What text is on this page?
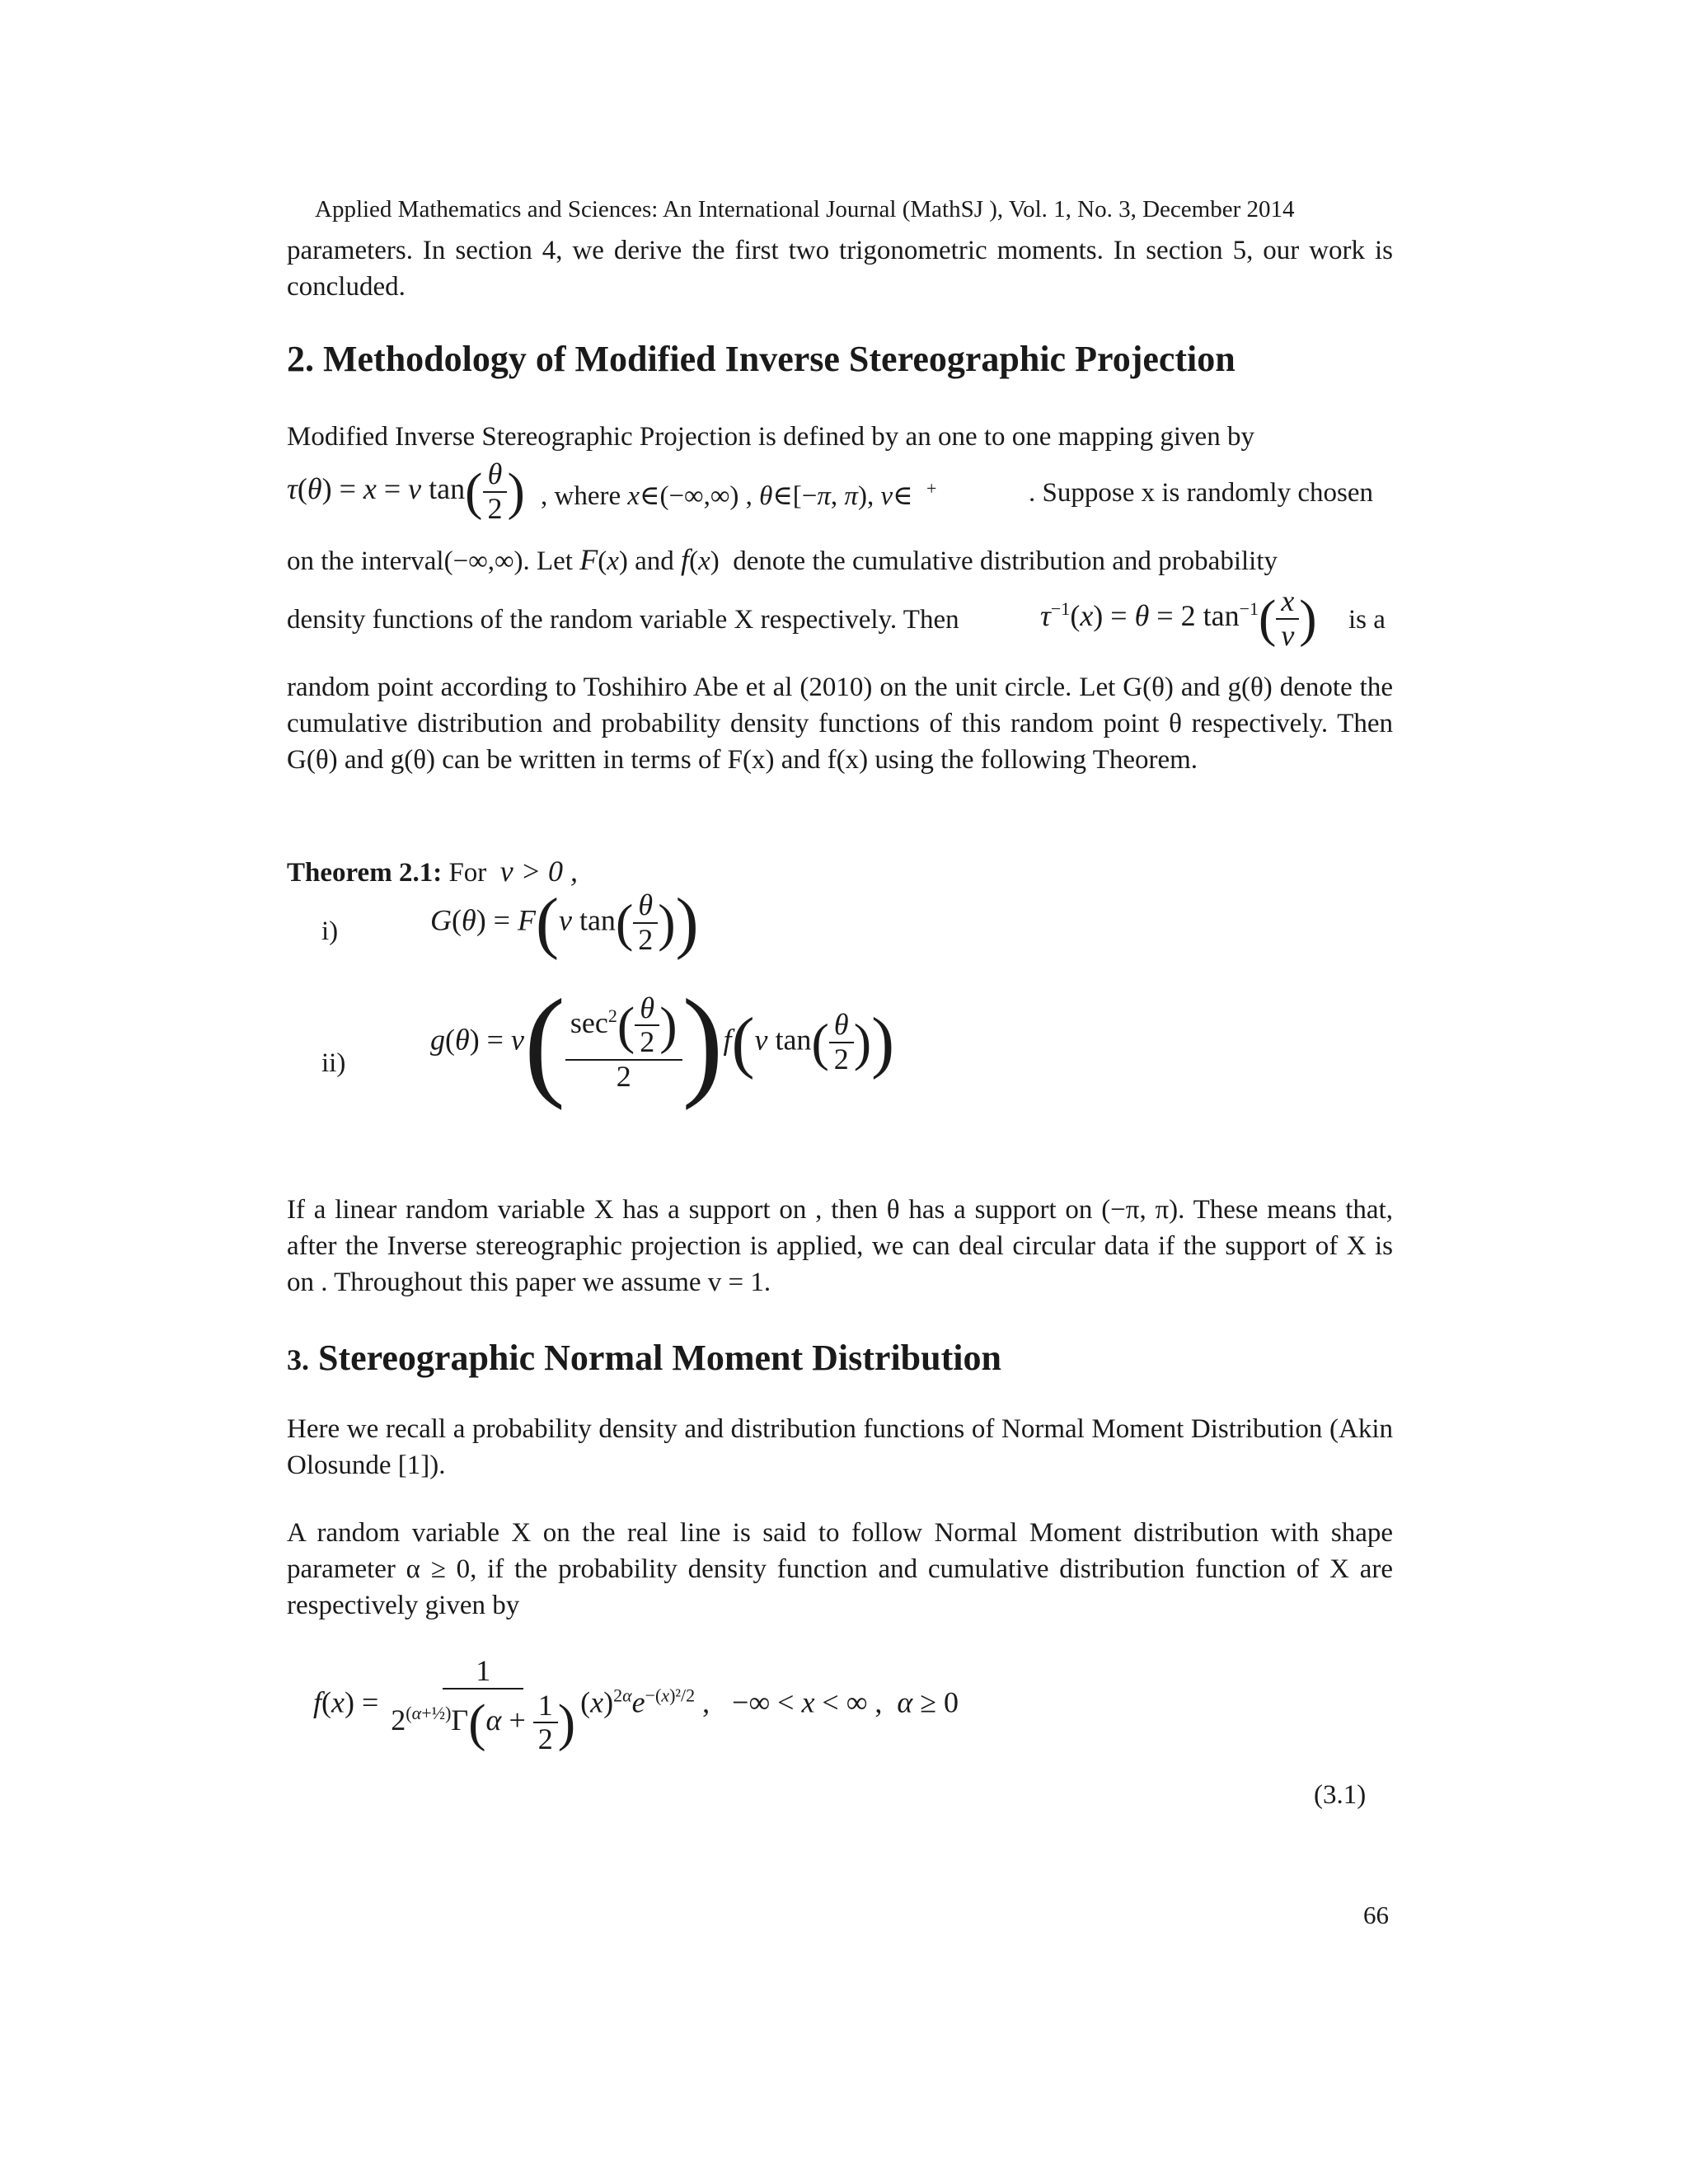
Applied Mathematics and Sciences: An International Journal (MathSJ ), Vol. 1, No. 3, December 2014
parameters. In section 4, we derive the first two trigonometric moments. In section 5, our work is concluded.
2. Methodology of Modified Inverse Stereographic Projection
Modified Inverse Stereographic Projection is defined by an one to one mapping given by
τ(θ) = x = ν $\tan( \frac{\theta}{2}$ ) , where x∈(−∞,∞) , θ∈[−π, π), v∈  +	. Suppose x is randomly chosen
on the interval(−∞,∞). Let F(x) and f(x)  denote the cumulative distribution and probability
density functions of the random variable X respectively. Then	$\tau^{-1}(x) = \theta = 2$ $\tan^{-1}( \frac{x}{\nu}$ ) is a
random point according to Toshihiro Abe et al (2010) on the unit circle. Let G(θ) and g(θ) denote the cumulative distribution and probability density functions of this random point θ respectively. Then G(θ) and g(θ) can be written in terms of F(x) and f(x) using the following Theorem.
Theorem 2.1: For v > 0 ,
i)	G(θ) = F(ν $\tan( \frac{\theta}{2}$ ))
ii)
$g(\theta) = \nu( \frac{\sec^2( \frac{\theta}{2} )}{2} )f(\nu$ $\tan( \frac{\theta}{2}$ ))
If a linear random variable X has a support on , then θ has a support on (−π, π). These means that, after the Inverse stereographic projection is applied, we can deal circular data if the support of X is on . Throughout this paper we assume v = 1.
3. Stereographic Normal Moment Distribution
Here we recall a probability density and distribution functions of Normal Moment Distribution (Akin Olosunde [1]).
A random variable X on the real line is said to follow Normal Moment distribution with shape parameter α ≥ 0, if the probability density function and cumulative distribution function of X are respectively given by
$f(x) = \frac{1}{2^{(\alpha+\frac{1}{2})}\Gamma(\alpha + \frac{1}{2} )} (x)^{2\alpha}e^{-(x)^2/2}$ ,   −∞ < x < ∞ ,  α ≥ 0
(3.1)
66
